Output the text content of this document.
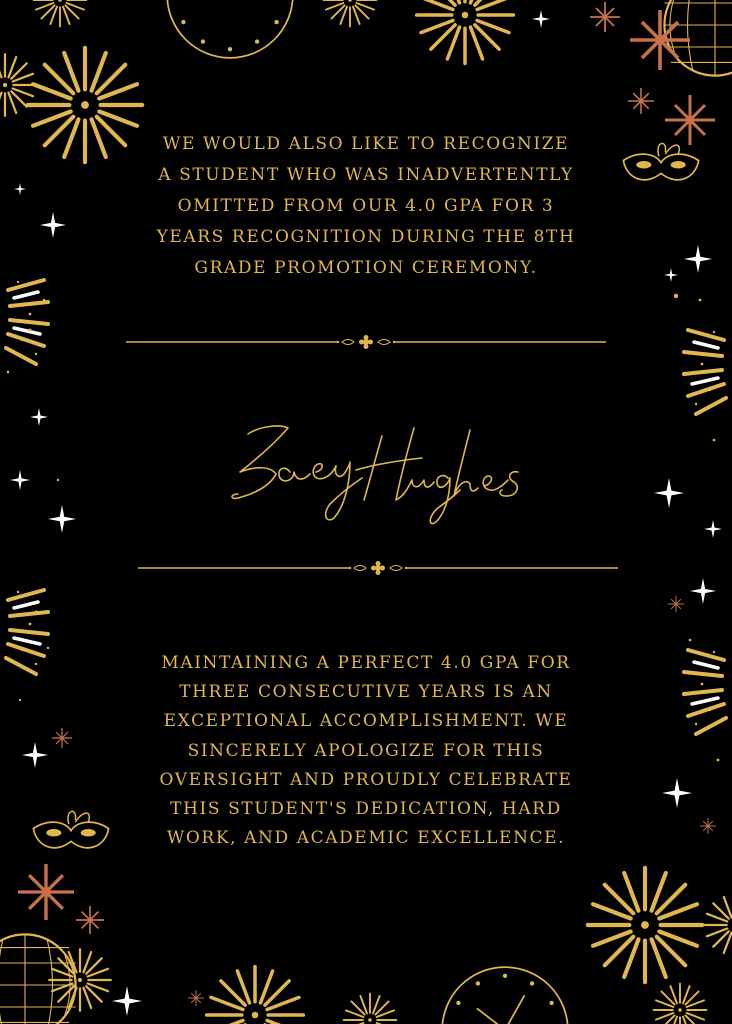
WE WOULD ALSO LIKE TO RECOGNIZE
A STUDENT WHO WAS INADVERTENTLY
OMITTED FROM OUR 4.0 GPA FOR 3
YEARS RECOGNITION DURING THE 8TH
GRADE PROMOTION CEREMONY.
Zoey Hughes
MAINTAINING A PERFECT 4.0 GPA FOR
THREE CONSECUTIVE YEARS IS AN
EXCEPTIONAL ACCOMPLISHMENT. WE
SINCERELY APOLOGIZE FOR THIS
OVERSIGHT AND PROUDLY CELEBRATE
THIS STUDENT'S DEDICATION, HARD
WORK, AND ACADEMIC EXCELLENCE.
